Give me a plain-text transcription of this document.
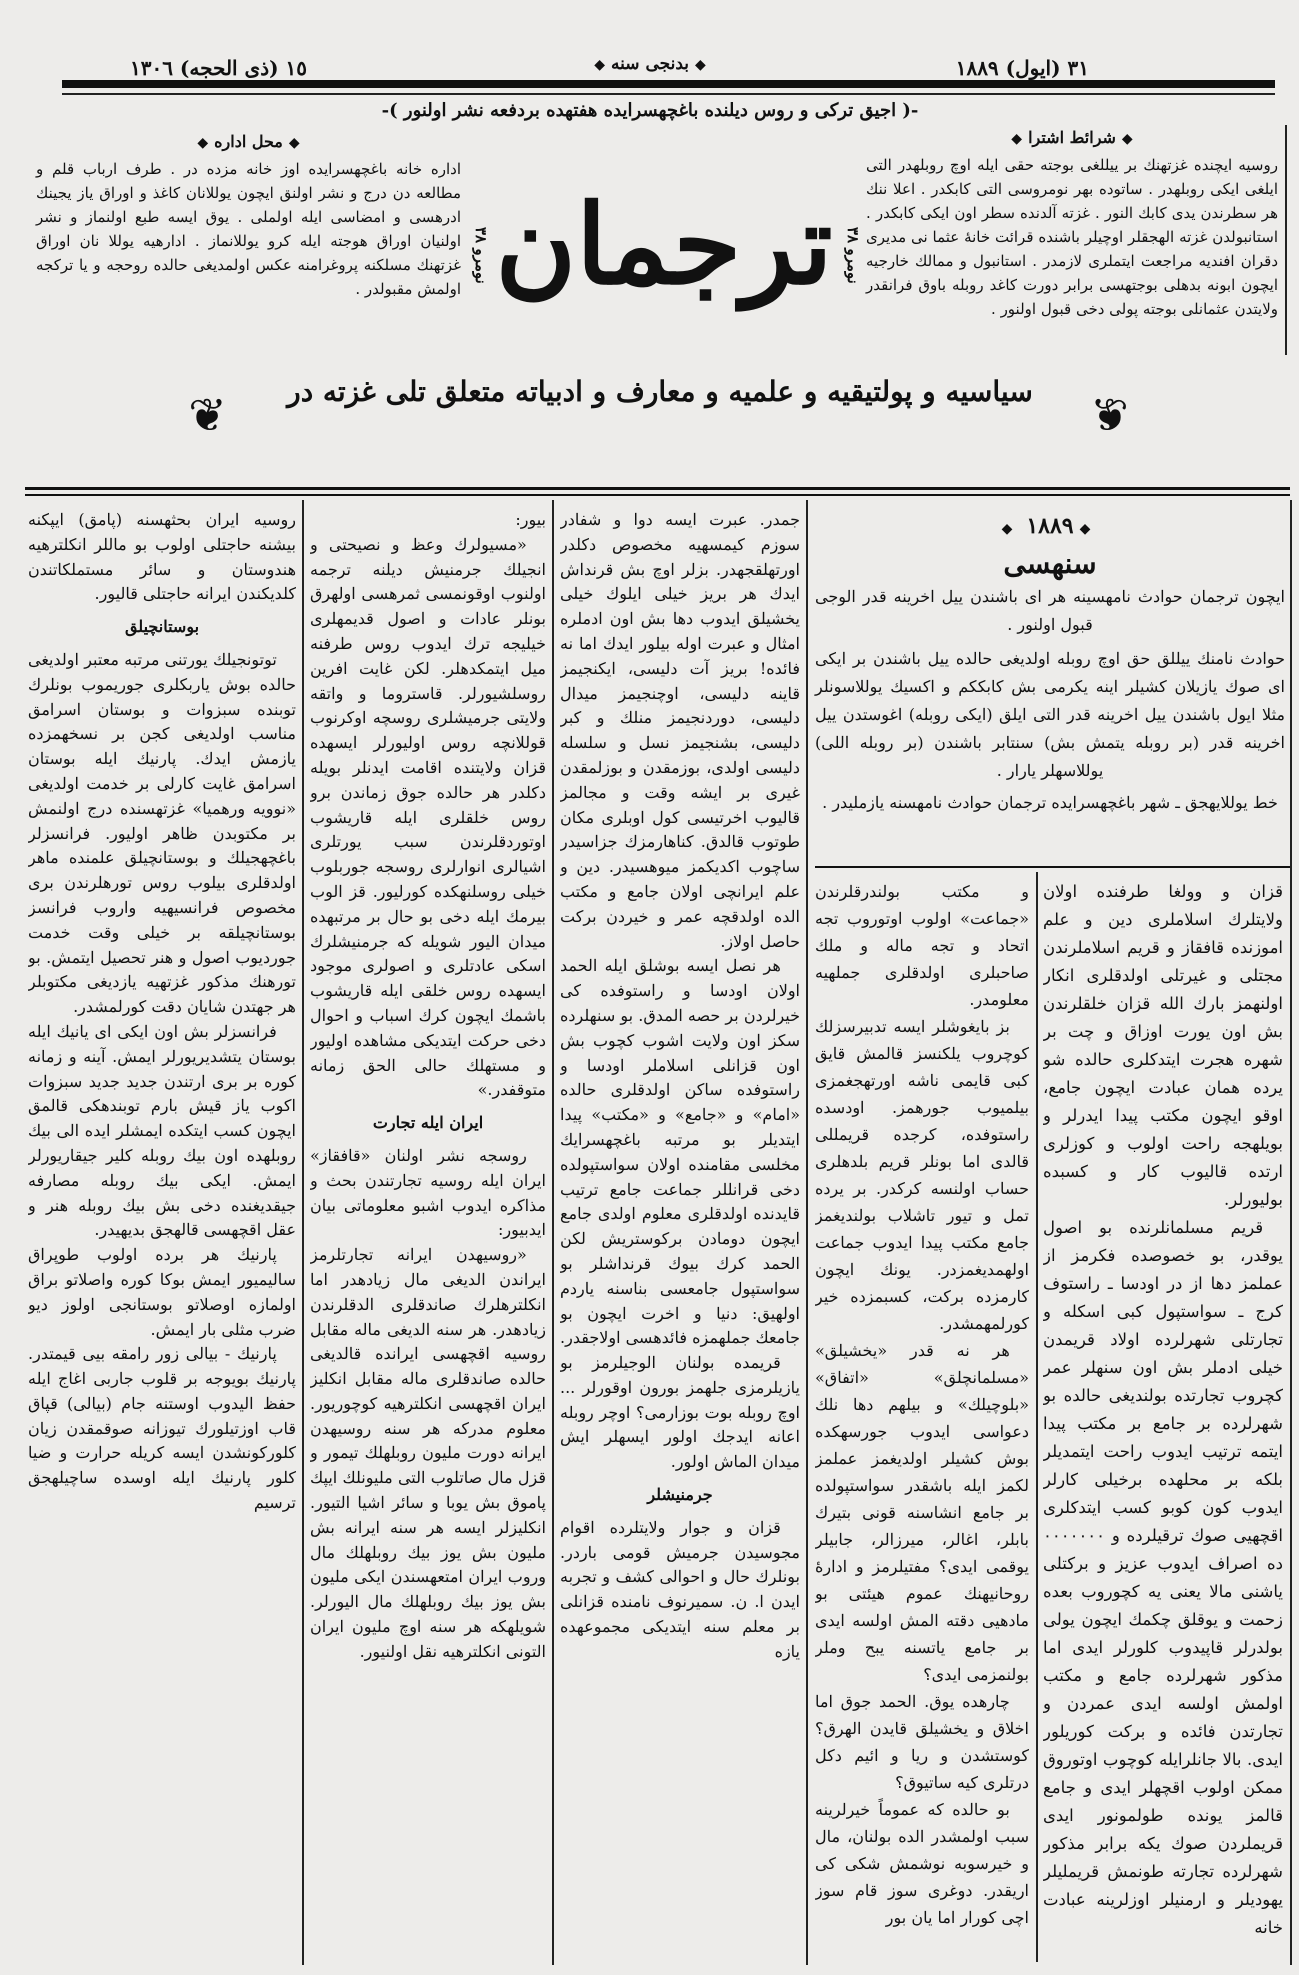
٣١ (ايول) ١٨٨٩
◆بدنجى سنه◆
١٥ (ذى الحجه) ١٣٠٦
-( اجيق تركى و روس ديلنده باغچهسرايده هفتهده بردفعه نشر اولنور )-
◆محل اداره◆
اداره خانه باغچهسرايده اوز خانه مزده در . طرف ارباب قلم و مطالعه دن درج و نشر اولنق ايچون يوللانان كاغذ و اوراق ياز يجينك ادرهسى و امضاسى ايله اولملى . يوق ايسه طبع اولنماز و نشر اولنيان اوراق هوجته ايله كرو يوللانماز . ادارهيه يوللا نان اوراق غزتهنك مسلكنه پروغرامنه عكس اولمديغى حالده روحجه و يا تركجه اولمش مقبولدر .
◆شرائط اشترا◆
روسيه ايچنده غزتهنك بر ييللغى بوجته حقى ايله اوچ روبلهدر التى ايلغى ايكى روبلهدر . ساتوده بهر نومروسى التى كابكدر . اعلا ننك هر سطرندن يدى كابك النور . غزته آلدنده سطر اون ايكى كابكدر . استانبولدن غزته الهجقلر اوچيلر باشنده قرائت خانهٔ عثما نى مديرى دقران افنديه مراجعت ايتملرى لازمدر . استانبول و ممالك خارجيه ايچون ابونه بدهلى بوجتهسى برابر دورت كاغد روبله باوق فرانقدر ولايتدن عثمانلى بوجته پولى دخى قبول اولنور .
نومرو ٣٨
نومرو ٣٨
ترجمان
❦	سياسيه و پولتيقيه و علميه و معارف و ادبياته متعلق تلى غزته در	❦
◆١٨٨٩◆
سنهسى

ايچون ترجمان حوادث نامهسينه هر اى باشندن ييل اخرينه قدر الوجى قبول اولنور .

حوادث نامنك ييللق حق اوچ روبله اولديغى حالده ييل باشندن بر ايكى اى صوك يازيلان كشيلر اينه يكرمى بش كابككم و اكسيك يوللاسونلر مثلا ايول باشندن ييل اخرينه قدر التى ايلق (ايكى روبله) اغوستدن ييل اخرينه قدر (بر روبله يتمش بش) سنتابر باشندن (بر روبله اللى) يوللاسهلر يارار .

خط يوللايهجق ـ شهر باغچهسرايده ترجمان حوادث نامهسنه يازمليدر .

قزان و وولغا طرفنده اولان ولايتلرك اسلاملرى دين و علم اموزنده قافقاز و قريم اسلاملرندن مجتلى و غيرتلى اولدقلرى انكار اولنهمز بارك الله قزان خلقلرندن بش اون يورت اوزاق و چت بر شهره هجرت ايتدكلرى حالده شو يرده همان عبادت ايچون جامع، اوقو ايچون مكتب پيدا ايدرلر و بويلهجه راحت اولوب و كوزلرى ارتده قاليوب كار و كسبده بوليورلر.

قريم مسلمانلرنده بو اصول يوقدر، بو خصوصده فكرمز از عملمز دها از در اودسا ـ راستوف كرج ـ سواستپول كبى اسكله و تجارتلى شهرلرده اولاد قريمدن خيلى ادملر بش اون سنهلر عمر كچروب تجارتده بولنديغى حالده بو شهرلرده بر جامع بر مكتب پيدا ايتمه ترتيب ايدوب راحت ايتمديلر بلكه بر محلهده برخيلى كارلر ايدوب كون كوبو كسب ايتدكلرى اقچهيى صوك ترقيلرده و ٠٠٠٠٠٠٠ ده اصراف ايدوب عزيز و بركتلى ياشنى مالا يعنى يه كچوروب بعده زحمت و يوقلق چكمك ايچون يولى بولدرلر قاپيدوب كلورلر ايدى اما مذكور شهرلرده جامع و مكتب اولمش اولسه ايدى عمردن و تجارتدن فائده و بركت كوريلور ايدى. بالا جانلرايله كوچوب اوتوروق ممكن اولوب اقچهلر ايدى و جامع قالمز يونده طولمونور ايدى قريملردن صوك يكه برابر مذكور شهرلرده تجارته طونمش قريمليلر يهوديلر و ارمنيلر اوزلرينه عبادت خانه

و مكتب بولندرقلرندن «جماعت» اولوب اوتوروب تجه اتحاد و تجه ماله و ملك صاحبلرى اولدقلرى جملهيه معلومدر.

بز بايغوشلر ايسه تدبيرسزلك كوچروب يلكنسز قالمش قايق كبى قايمى ناشه اورتهجغمزى بيلميوب جورهمز. اودسده راستوفده، كرجده قريمللى قالدى اما بونلر قريم بلدهلرى حساب اولنسه كركدر. بر يرده تمل و تيور تاشلاب بولنديغمز جامع مكتب پيدا ايدوب جماعت اولهمديغمزدر. يونك ايچون كارمزده بركت، كسبمزده خير كورلمهمشدر.

هر نه قدر «يخشيلق» «مسلمانچلق» «اتفاق» «بلوچيلك» و بيلهم دها نلك دعواسى ايدوب جورسهكده بوش كشيلر اولديغمز عملمز لكمز ايله باشقدر سواستپولده بر جامع انشاسنه قونى بتيرك بابلر، اغالر، ميرزالر، جابيلر يوقمى ايدى؟ مفتيلرمز و ادارهٔ روحانيهنك عموم هيئتى بو مادهيى دقته المش اولسه ايدى بر جامع ياتسنه يبح وملر بولنمزمى ايدى؟

چارهده يوق. الحمد جوق اما اخلاق و يخشيلق قايدن الهرق؟ كوستشدن و ريا و ائيم دكل درتلرى كيه ساتيوق؟

بو حالده كه عموماً خيرلرينه سبب اولمشدر الده بولنان، مال و خيرسوبه نوشمش شكى كى اريقدر. دوغرى سوز قام سوز اچى كورار اما يان بور

جمدر. عبرت ايسه دوا و شفادر سوزم كيمسهيه مخصوص دكلدر اورتهلقجهدر. بزلر اوچ بش قرنداش ايدك هر بريز خيلى ايلوك خيلى يخشيلق ايدوب دها بش اون ادملره امثال و عبرت اوله بيلور ايدك اما نه فائده! بريز آت دليسى، ايكنجيمز قاينه دليسى، اوچنجيمز ميدال دليسى، دوردنجيمز منلك و كبر دليسى، بشنجيمز نسل و سلسله دليسى اولدى، بوزمقدن و بوزلمقدن غيرى بر ايشه وقت و مجالمز قاليوب اخرتيسى كول اوبلرى مكان طوتوب قالدق. كناهارمزك جزاسيدر ساچوب اكديكمز ميوهسيدر. دين و علم ايرانچى اولان جامع و مكتب الده اولدقچه عمر و خيردن بركت حاصل اولاز.

هر نصل ايسه بوشلق ايله الحمد اولان اودسا و راستوفده كى خيرلردن بر حصه المدق. بو سنهلرده سكز اون ولايت اشوب كچوب بش اون قزانلى اسلاملر اودسا و راستوفده ساكن اولدقلرى حالده «امام» و «جامع» و «مكتب» پيدا ايتديلر بو مرتبه باغچهسرايك مخلسى مقامنده اولان سواستپولده دخى قرانللر جماعت جامع ترتيب قايدنده اولدقلرى معلوم اولدى جامع ايچون دومادن بركوستريش لكن الحمد كرك بيوك قرنداشلر بو سواستپول جامعسى بناسنه ياردم اولهيق: دنيا و اخرت ايچون بو جامعك جملهمزه فائدهسى اولاجقدر.

قريمده بولنان الوجيلرمز بو يازيلرمزى جلهمز بورون اوقورلر ... اوچ روبله بوت بوزارمى؟ اوچر روبله اعانه ايدجك اولور ايسهلر ايش ميدان الماش اولور.

جرمنيشلر

قزان و جوار ولايتلرده اقوام مجوسيدن جرميش قومى باردر. بونلرك حال و احوالى كشف و تجربه ايدن ا. ن. سميرنوف نامنده قزانلى بر معلم سنه ايتديكى مجموعهده يازه

بيور:

«مسيولرك وعظ و نصيحتى و انجيلك جرمنيش ديلنه ترجمه اولنوب اوقونمسى ثمرهسى اولهرق بونلر عادات و اصول قديمهلرى خيليجه ترك ايدوب روس طرفنه ميل ايتمكدهلر. لكن غايت افرين روسلشيورلر. قاستروما و واتقه ولايتى جرميشلرى روسچه اوكرنوب قوللانچه روس اوليورلر ايسهده قزان ولايتنده اقامت ايدنلر بويله دكلدر هر حالده جوق زماندن برو روس خلقلرى ايله قاريشوب اوتوردقلرندن سبب يورتلرى اشيالرى انوارلرى روسجه جوربلوب خيلى روسلنهكده كورليور. قز الوب بيرمك ايله دخى بو حال بر مرتبهده ميدان اليور شويله كه جرمنيشلرك اسكى عادتلرى و اصولرى موجود ايسهده روس خلقى ايله قاريشوب باشمك ايچون كرك اسباب و احوال دخى حركت ايتديكى مشاهده اوليور و مستهلك حالى الحق زمانه متوقفدر.»

ايران ايله تجارت

روسجه نشر اولنان «قافقاز» ايران ايله روسيه تجارتندن بحث و مذاكره ايدوب اشبو معلوماتى بيان ايدبيور:

«روسيهدن ايرانه تجارتلرمز ايراندن الديغى مال زيادهدر اما انكلترهلرك صاندقلرى الدقلرندن زيادهدر. هر سنه الديغى ماله مقابل روسيه اقچهسى ايرانده قالديغى حالده صاندقلرى ماله مقابل انكليز ايران اقچهسى انكلترهيه كوچوريور. معلوم مدركه هر سنه روسيهدن ايرانه دورت مليون روبلهلك تيمور و قزل مال صاتلوب التى مليونلك ايپك پاموق بش يوبا و سائر اشيا التيور. انكليزلر ايسه هر سنه ايرانه بش مليون بش يوز بيك روبلهلك مال وروب ايران امتعهسندن ايكى مليون بش يوز بيك روبلهلك مال اليورلر. شويلهكه هر سنه اوچ مليون ايران التونى انكلترهيه نقل اولنيور.

روسيه ايران بحثهسنه (پامق) ايپكنه بيشنه حاجتلى اولوب بو ماللر انكلترهيه هندوستان و سائر مستملكاتندن كلديكندن ايرانه حاجتلى قاليور.

بوستانچيلق

توتونجيلك يورتنى مرتبه معتبر اولديغى حالده بوش ياربكلرى جوريموب بونلرك توبنده سبزوات و بوستان اسرامق مناسب اولديغى كجن بر نسخهمزده يازمش ايدك. پارنيك ايله بوستان اسرامق غايت كارلى بر خدمت اولديغى «نوويه ورهميا» غزتهسنده درج اولنمش بر مكتوبدن ظاهر اوليور. فرانسزلر باغچهجيلك و بوستانچيلق علمنده ماهر اولدقلرى بيلوب روس تورهلرندن برى مخصوص فرانسيهيه واروب فرانسز بوستانچيلقه بر خيلى وقت خدمت جورديوب اصول و هنر تحصيل ايتمش. بو تورهنك مذكور غزتهيه يازديغى مكتوبلر هر جهتدن شايان دقت كورلمشدر.

فرانسزلر بش اون ايكى اى يانيك ايله بوستان يتشديريورلر ايمش. آينه و زمانه كوره بر برى ارتندن جديد جديد سبزوات اكوب ياز قيش بارم توبندهكى قالمق ايچون كسب ايتكده ايمشلر ايده الى بيك روبلهده اون بيك روبله كلير جيقاريورلر ايمش. ايكى بيك روبله مصارفه جيقديغنده دخى بش بيك روبله هنر و عقل اقچهسى قالهجق بديهيدر.

پارنيك هر برده اولوب طوپراق ساليميور ايمش بوكا كوره واصلاتو براق اولمازه اوصلاتو بوستانجى اولوز ديو ضرب مثلى بار ايمش.

پارنيك - بيالى زور رامقه بيى قيمتدر. پارنيك بويوجه بر قلوب جاربى اغاج ايله حفظ اليدوب اوستنه جام (بيالى) قپاق قاب اوزتيلورك تيوزانه صوقمقدن زيان كلوركونشدن ايسه كريله حرارت و ضيا كلور پارنيك ايله اوسده ساچيلهجق ترسيم
